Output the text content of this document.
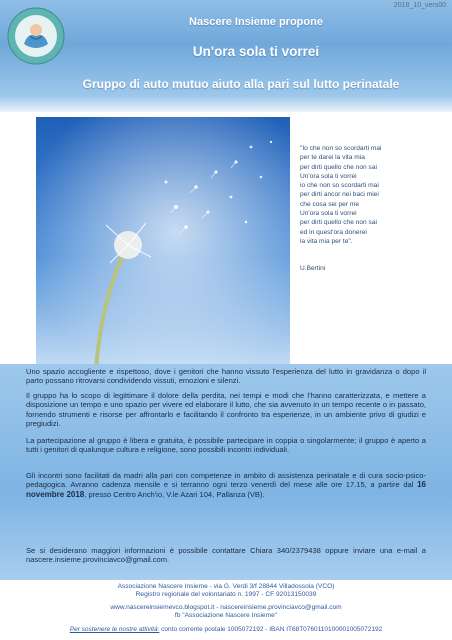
2018_10_vers00
Nascere Insieme propone
Un'ora sola ti vorrei
Gruppo di auto mutuo aiuto alla pari sul lutto perinatale
"Io che non so scordarti mai
per te darei la vita mia
per dirti quello che non sai
Un'ora sola ti vorrei
io che non so scordarti mai
per dirti ancor nei baci miei
che cosa sei per me
Un'ora sola ti vorrei
per dirti quello che non sai
ed in quest'ora donerei
la vita mia per te".
U.Bertini
Uno spazio accogliente e rispettoso, dove i genitori che hanno vissuto l'esperienza del lutto in gravidanza o dopo il parto possano ritrovarsi condividendo vissuti, emozioni e silenzi.
Il gruppo ha lo scopo di legittimare il dolore della perdita, nei tempi e modi che l'hanno caratterizzata, e mettere a disposizione un tempo e uno spazio per vivere ed elaborare il lutto, che sia avvenuto in un tempo recente o in passato, fornendo strumenti e risorse per affrontarlo e facilitando il confronto tra esperienze, in un ambiente privo di giudizi e pregiudizi.
La partecipazione al gruppo è libera e gratuita, è possibile partecipare in coppia o singolarmente; il gruppo è aperto a tutti i genitori di qualunque cultura e religione, sono possibili incontri individuali.
Gli incontri sono facilitati da madri alla pari con competenze in ambito di assistenza perinatale e di cura socio-psico-pedagogica. Avranno cadenza mensile e si terranno ogni terzo venerdì del mese alle ore 17.15, a partire dal 16 novembre 2018, presso Centro Anch'io, V.le Azari 104, Pallanza (VB).
Se si desiderano maggiori informazioni è possibile contattare Chiara 340/2379438 oppure inviare una e-mail a nascere.insieme.provinciavco@gmail.com.
Associazione Nascere Insieme - via G. Verdi 3/f 28844 Villadossola (VCO)
Registro regionale del volontariato n. 1997 - CF 92013150039
www.nascereinsiemevco.blogspot.it - nascereinsieme.provinciavco@gmail.com
fb "Associazione Nascere Insieme"
Per sostenere le nostre attività: conto corrente postale 1005072192 - IBAN IT68T0760110100001005072192
